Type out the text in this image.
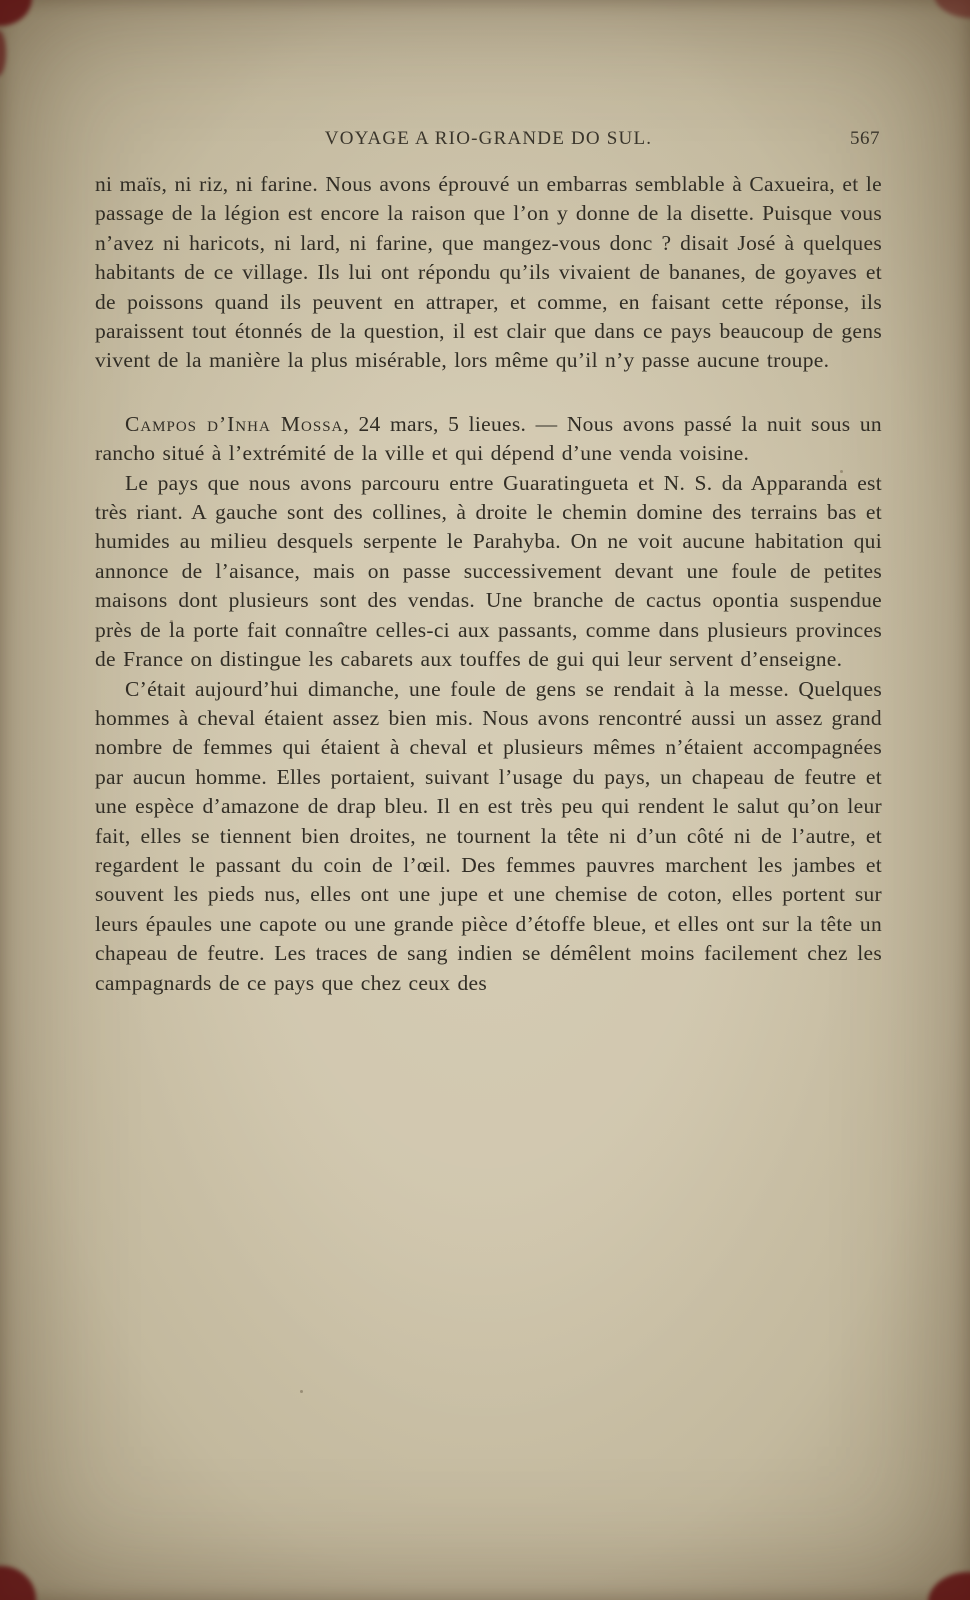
VOYAGE A RIO-GRANDE DO SUL.	567

ni maïs, ni riz, ni farine. Nous avons éprouvé un embarras semblable à Caxueira, et le passage de la légion est encore la raison que l’on y donne de la disette. Puisque vous n’avez ni haricots, ni lard, ni farine, que mangez-vous donc ? disait José à quelques habitants de ce village. Ils lui ont répondu qu’ils vivaient de bananes, de goyaves et de poissons quand ils peuvent en attraper, et comme, en faisant cette réponse, ils paraissent tout étonnés de la question, il est clair que dans ce pays beaucoup de gens vivent de la manière la plus misérable, lors même qu’il n’y passe aucune troupe.

Campos d’Inha Mossa, 24 mars, 5 lieues. — Nous avons passé la nuit sous un rancho situé à l’extrémité de la ville et qui dépend d’une venda voisine.

Le pays que nous avons parcouru entre Guaratingueta et N. S. da Apparanda est très riant. A gauche sont des collines, à droite le chemin domine des terrains bas et humides au milieu desquels serpente le Parahyba. On ne voit aucune habitation qui annonce de l’aisance, mais on passe successivement devant une foule de petites maisons dont plusieurs sont des vendas. Une branche de cactus opontia suspendue près de la porte fait connaître celles-ci aux passants, comme dans plusieurs provinces de France on distingue les cabarets aux touffes de gui qui leur servent d’enseigne.

C’était aujourd’hui dimanche, une foule de gens se rendait à la messe. Quelques hommes à cheval étaient assez bien mis. Nous avons rencontré aussi un assez grand nombre de femmes qui étaient à cheval et plusieurs mêmes n’étaient accompagnées par aucun homme. Elles portaient, suivant l’usage du pays, un chapeau de feutre et une espèce d’amazone de drap bleu. Il en est très peu qui rendent le salut qu’on leur fait, elles se tiennent bien droites, ne tournent la tête ni d’un côté ni de l’autre, et regardent le passant du coin de l’œil. Des femmes pauvres marchent les jambes et souvent les pieds nus, elles ont une jupe et une chemise de coton, elles portent sur leurs épaules une capote ou une grande pièce d’étoffe bleue, et elles ont sur la tête un chapeau de feutre. Les traces de sang indien se démêlent moins facilement chez les campagnards de ce pays que chez ceux des
